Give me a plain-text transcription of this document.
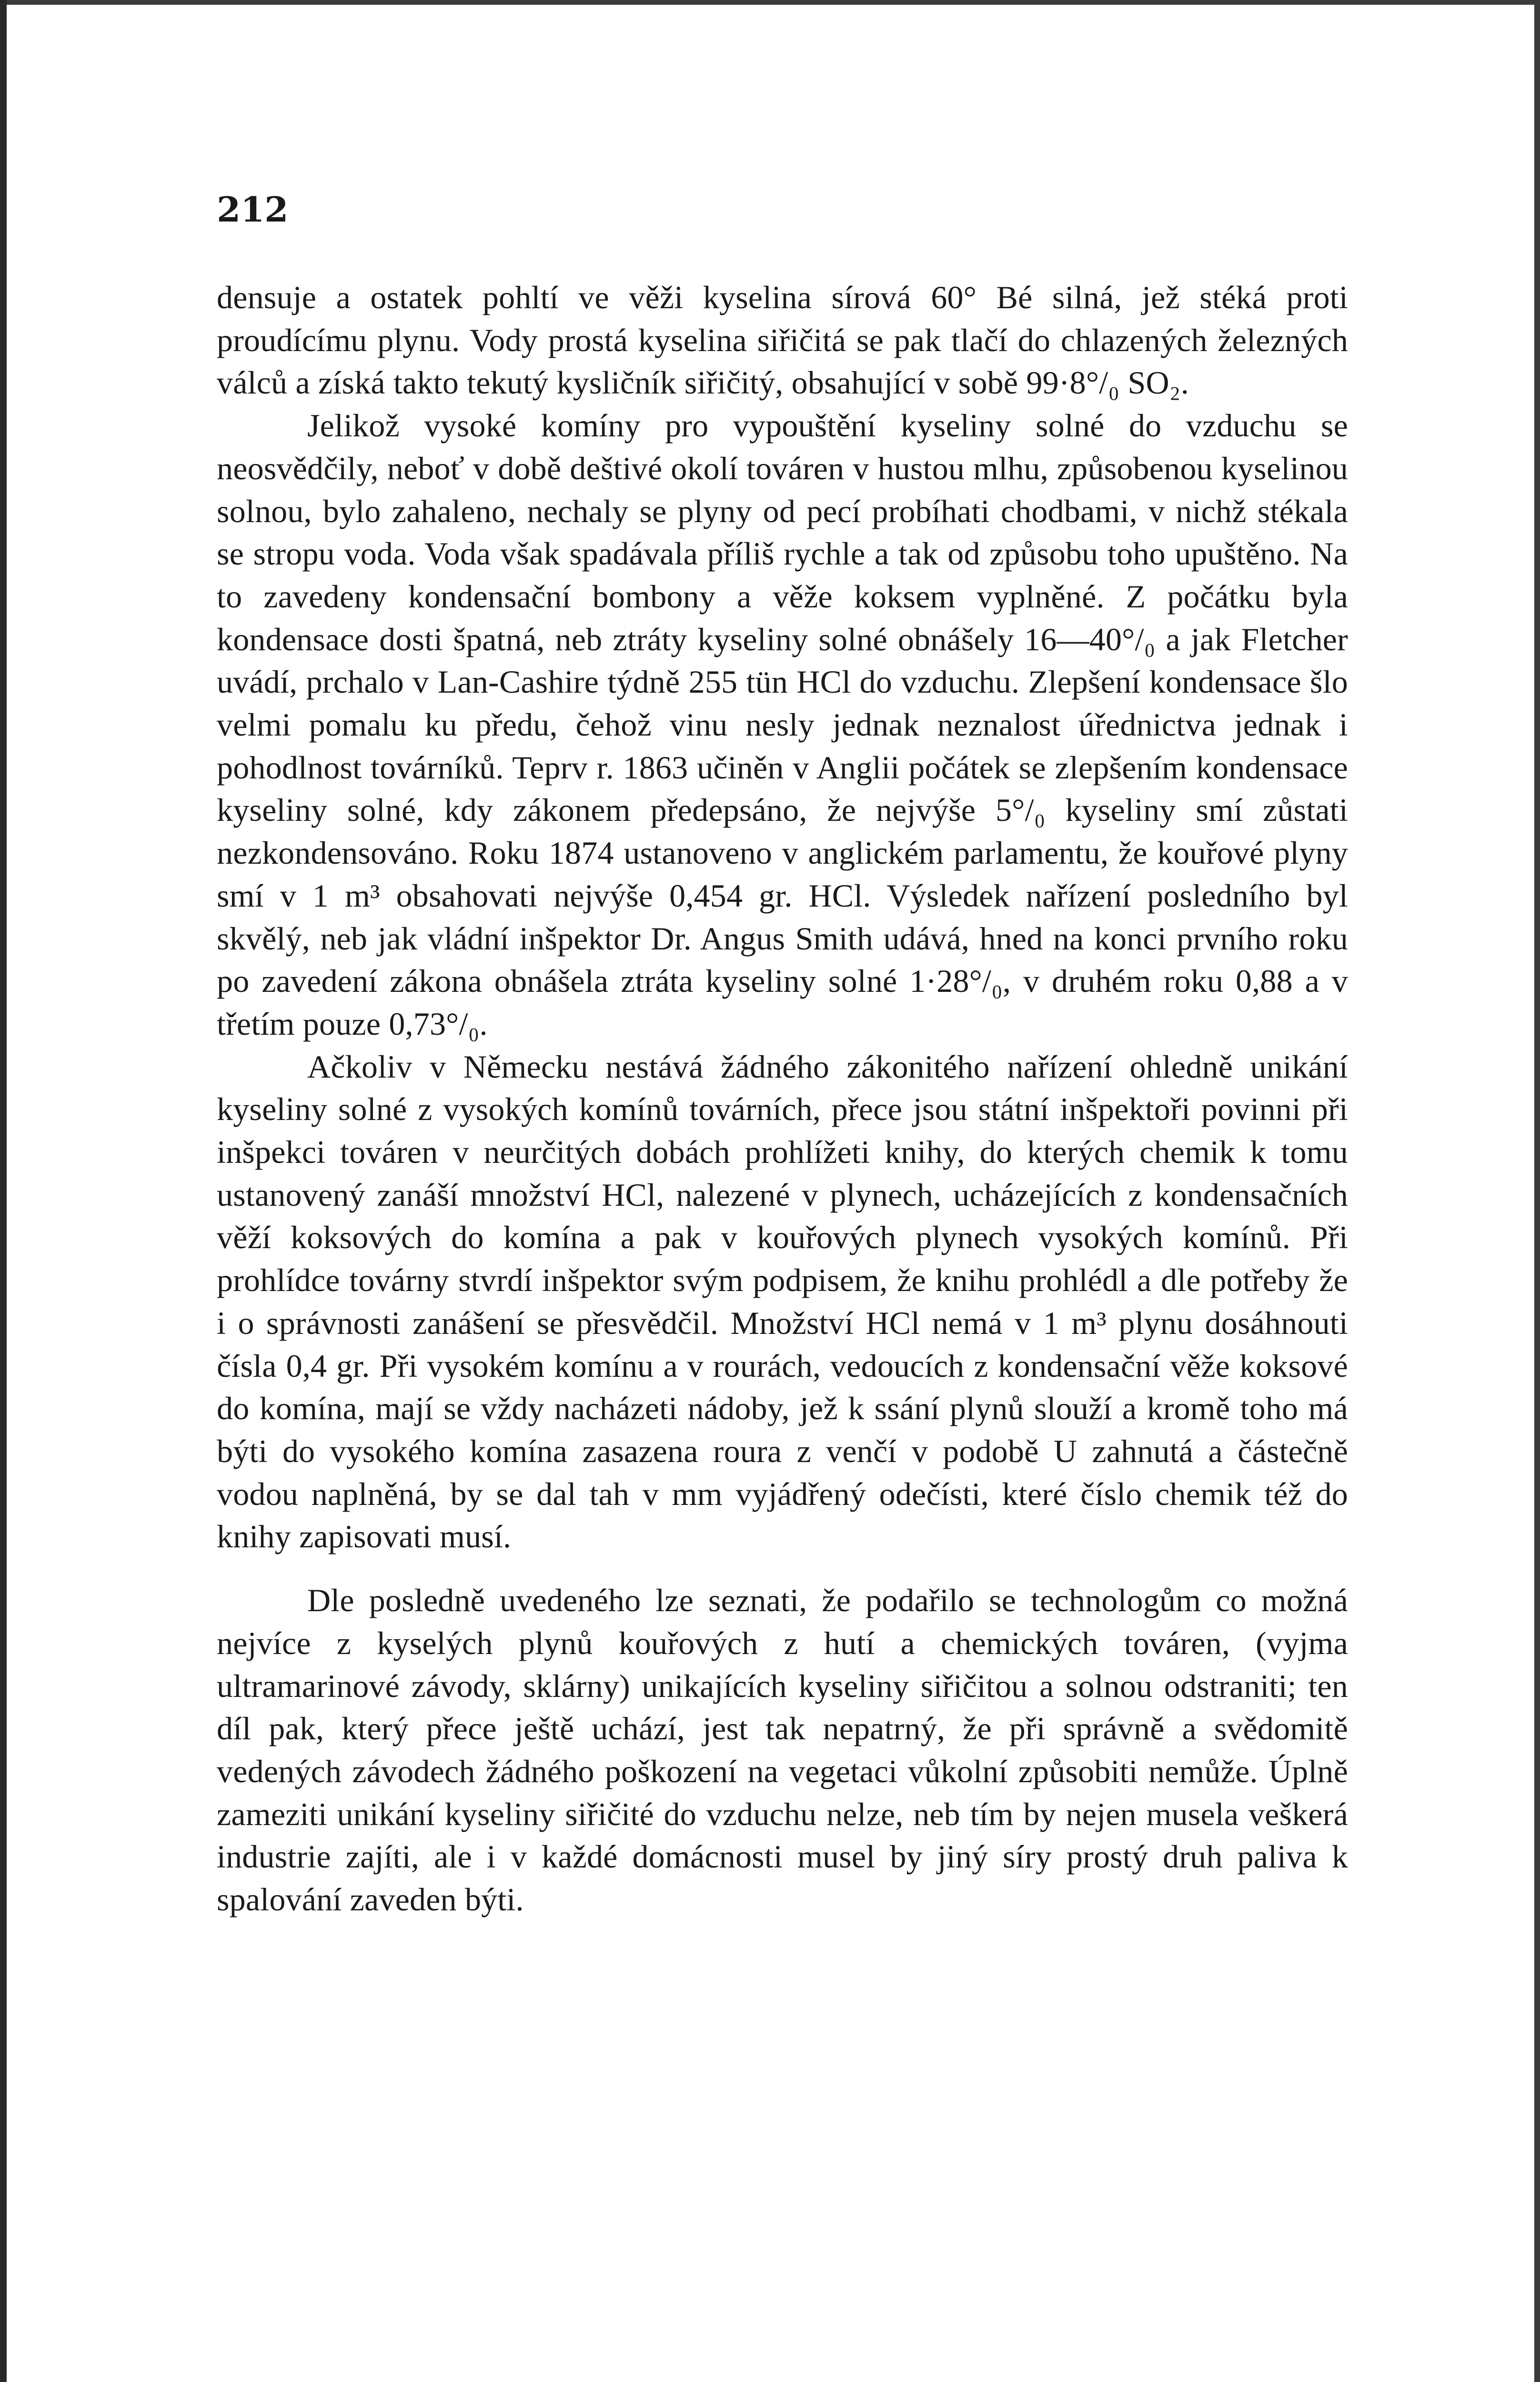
212

densuje a ostatek pohltí ve věži kyselina sírová 60° Bé silná, jež stéká proti proudícímu plynu. Vody prostá kyselina siřičitá se pak tlačí do chlazených železných válců a získá takto tekutý kysličník siřičitý, obsahující v sobě 99·8°/₀ SO₂.

Jelikož vysoké komíny pro vypouštění kyseliny solné do vzduchu se neosvědčily, neboť v době deštivé okolí továren v hustou mlhu, způsobenou kyselinou solnou, bylo zahaleno, nechaly se plyny od pecí probíhati chodbami, v nichž stékala se stropu voda. Voda však spadávala příliš rychle a tak od způsobu toho upuštěno. Na to zavedeny kondensační bombony a věže koksem vyplněné. Z počátku byla kondensace dosti špatná, neb ztráty kyseliny solné obnášely 16—40°/₀ a jak Fletcher uvádí, prchalo v Lan-Cashire týdně 255 tün HCl do vzduchu. Zlepšení kondensace šlo velmi pomalu ku předu, čehož vinu nesly jednak neznalost úřednictva jednak i pohodlnost továrníků. Teprv r. 1863 učiněn v Anglii počátek se zlepšením kondensace kyseliny solné, kdy zákonem předepsáno, že nejvýše 5°/₀ kyseliny smí zůstati nezkondensováno. Roku 1874 ustanoveno v anglickém parlamentu, že kouřové plyny smí v 1 m³ obsahovati nejvýše 0,454 gr. HCl. Výsledek nařízení posledního byl skvělý, neb jak vládní inšpektor Dr. Angus Smith udává, hned na konci prvního roku po zavedení zákona obnášela ztráta kyseliny solné 1·28°/₀, v druhém roku 0,88 a v třetím pouze 0,73°/₀.

Ačkoliv v Německu nestává žádného zákonitého nařízení ohledně unikání kyseliny solné z vysokých komínů továrních, přece jsou státní inšpektoři povinni při inšpekci továren v neurčitých dobách prohlížeti knihy, do kterých chemik k tomu ustanovený zanáší množství HCl, nalezené v plynech, ucházejících z kondensačních věží koksových do komína a pak v kouřových plynech vysokých komínů. Při prohlídce továrny stvrdí inšpektor svým podpisem, že knihu prohlédl a dle potřeby že i o správnosti zanášení se přesvědčil. Množství HCl nemá v 1 m³ plynu dosáhnouti čísla 0,4 gr. Při vysokém komínu a v rourách, vedoucích z kondensační věže koksové do komína, mají se vždy nacházeti nádoby, jež k ssání plynů slouží a kromě toho má býti do vysokého komína zasazena roura z venčí v podobě U zahnutá a částečně vodou naplněná, by se dal tah v mm vyjádřený odečísti, které číslo chemik též do knihy zapisovati musí.

Dle posledně uvedeného lze seznati, že podařilo se technologům co možná nejvíce z kyselých plynů kouřových z hutí a chemických továren, (vyjma ultramarinové závody, sklárny) unikajících kyseliny siřičitou a solnou odstraniti; ten díl pak, který přece ještě uchází, jest tak nepatrný, že při správně a svědomitě vedených závodech žádného poškození na vegetaci vůkolní způsobiti nemůže. Úplně zameziti unikání kyseliny siřičité do vzduchu nelze, neb tím by nejen musela veškerá industrie zajíti, ale i v každé domácnosti musel by jiný síry prostý druh paliva k spalování zaveden býti.
